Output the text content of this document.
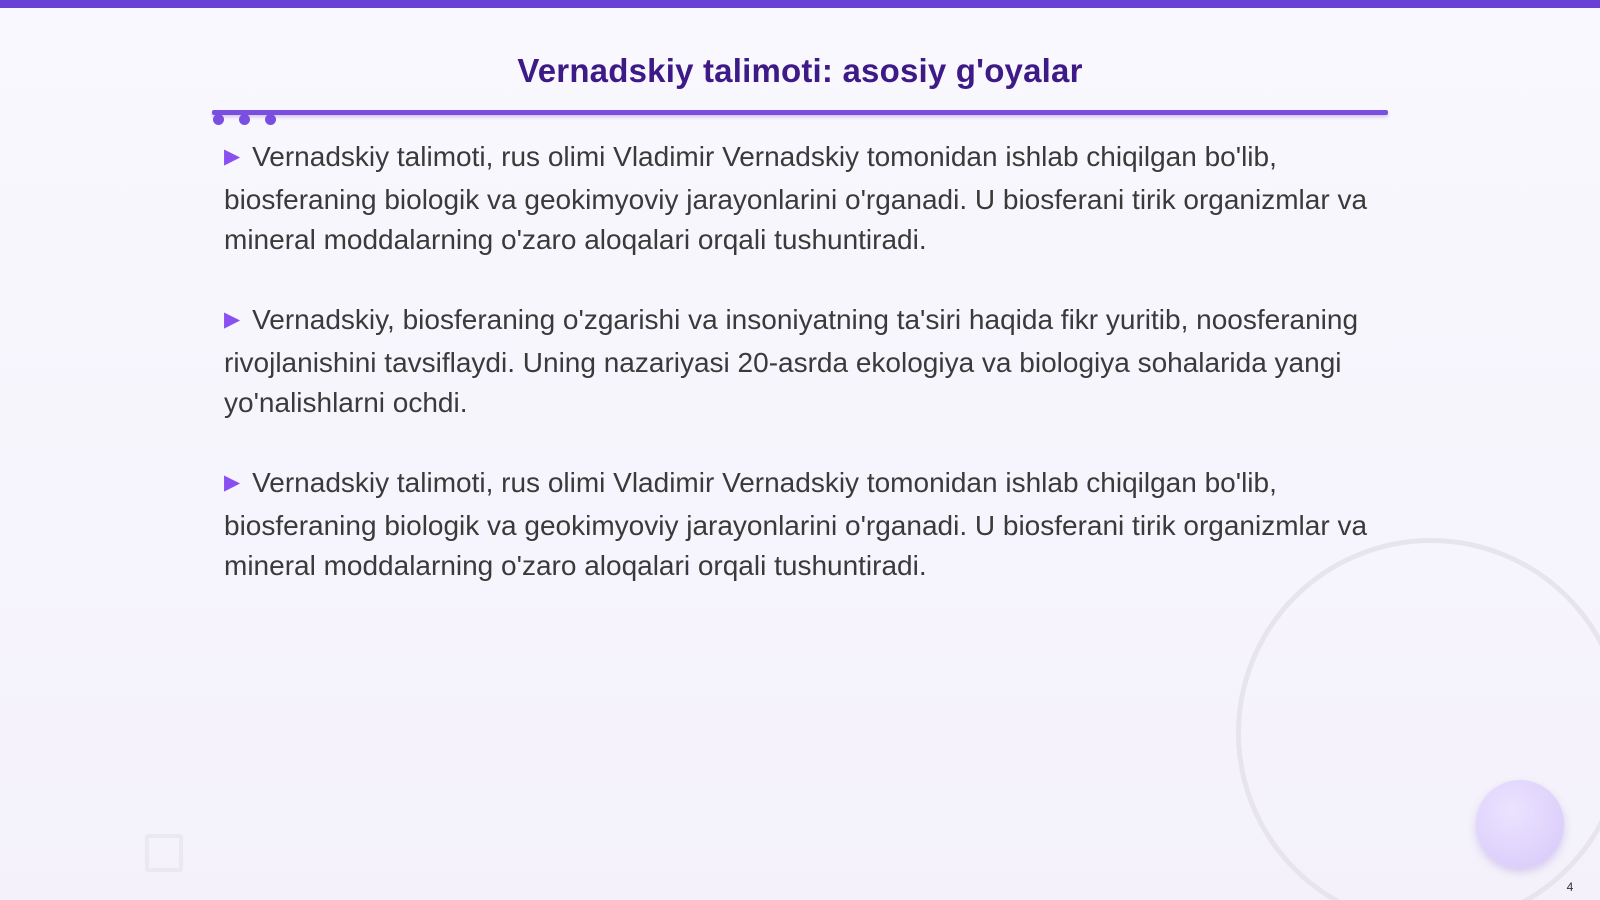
Vernadskiy talimoti: asosiy g'oyalar

▶ Vernadskiy talimoti, rus olimi Vladimir Vernadskiy tomonidan ishlab chiqilgan bo'lib, biosferaning biologik va geokimyoviy jarayonlarini o'rganadi. U biosferani tirik organizmlar va mineral moddalarning o'zaro aloqalari orqali tushuntiradi.

▶ Vernadskiy, biosferaning o'zgarishi va insoniyatning ta'siri haqida fikr yuritib, noosferaning rivojlanishini tavsiflaydi. Uning nazariyasi 20-asrda ekologiya va biologiya sohalarida yangi yo'nalishlarni ochdi.

▶ Vernadskiy talimoti, rus olimi Vladimir Vernadskiy tomonidan ishlab chiqilgan bo'lib, biosferaning biologik va geokimyoviy jarayonlarini o'rganadi. U biosferani tirik organizmlar va mineral moddalarning o'zaro aloqalari orqali tushuntiradi.

4
